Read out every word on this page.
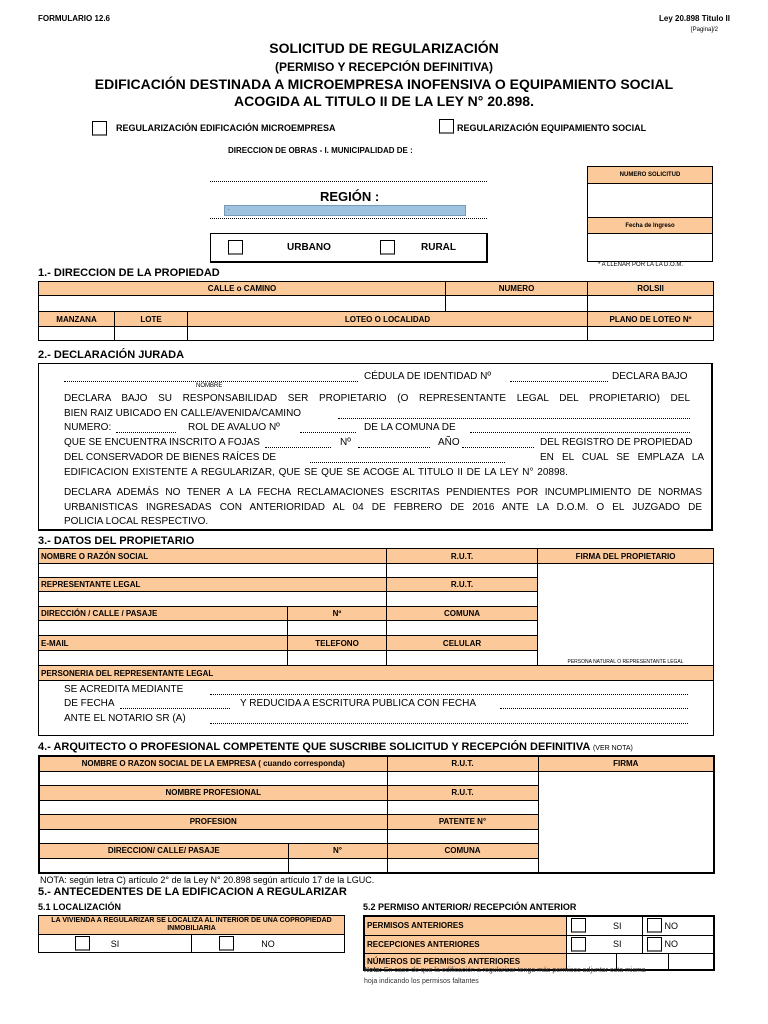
FORMULARIO 12.6	Ley 20.898 Titulo II
[Pagina]/2
SOLICITUD DE REGULARIZACIÓN
(PERMISO Y RECEPCIÓN DEFINITIVA)
EDIFICACIÓN DESTINADA A MICROEMPRESA INOFENSIVA O EQUIPAMIENTO SOCIAL
ACOGIDA AL TITULO II DE LA LEY N° 20.898.
REGULARIZACIÓN EDIFICACIÓN MICROEMPRESA	REGULARIZACIÓN EQUIPAMIENTO SOCIAL
DIRECCION DE OBRAS - I. MUNICIPALIDAD DE :
REGIÓN :
.
URBANO	RURAL
NUMERO SOLICITUD

Fecha de Ingreso

* A LLENAR POR LA LA D.O.M.
1.- DIRECCION DE LA PROPIEDAD
CALLE o CAMINO			NUMERO	ROLSII

MANZANA	LOTE	LOTEO O LOCALIDAD		PLANO DE LOTEO Nº

2.- DECLARACIÓN JURADA
NOMBRE
CÉDULA DE IDENTIDAD Nº	DECLARA BAJO
DECLARA BAJO SU RESPONSABILIDAD SER PROPIETARIO (O REPRESENTANTE LEGAL DEL PROPIETARIO) DEL
BIEN RAIZ UBICADO EN CALLE/AVENIDA/CAMINO
NUMERO:	ROL DE AVALUO Nº	DE LA COMUNA DE
QUE SE ENCUENTRA INSCRITO A FOJAS	Nº	AÑO	DEL REGISTRO DE PROPIEDAD
DEL CONSERVADOR DE BIENES RAÍCES DE	EN EL CUAL SE EMPLAZA LA
EDIFICACION EXISTENTE A REGULARIZAR, QUE SE QUE SE ACOGE AL TITULO II DE LA LEY N° 20898.
DECLARA ADEMÁS NO TENER A LA FECHA RECLAMACIONES ESCRITAS PENDIENTES POR INCUMPLIMIENTO DE NORMAS
URBANISTICAS INGRESADAS CON ANTERIORIDAD AL 04 DE FEBRERO DE 2016 ANTE LA D.O.M. O EL JUZGADO DE
POLICIA LOCAL RESPECTIVO.
3.- DATOS DEL PROPIETARIO
NOMBRE O RAZÓN SOCIAL		R.U.T.	FIRMA DEL PROPIETARIO
			PERSONA NATURAL O REPRESENTANTE LEGAL
REPRESENTANTE LEGAL		R.U.T.	

DIRECCIÓN / CALLE / PASAJE	Nº	COMUNA	

E-MAIL	TELEFONO	CELULAR	

PERSONERIA DEL REPRESENTANTE LEGAL			

SE ACREDITA MEDIANTE
DE FECHA	Y REDUCIDA A ESCRITURA PUBLICA CON FECHA
ANTE EL NOTARIO SR (A)
4.- ARQUITECTO O PROFESIONAL COMPETENTE QUE SUSCRIBE SOLICITUD Y RECEPCIÓN DEFINITIVA (VER NOTA)
NOMBRE O RAZON SOCIAL DE LA EMPRESA ( cuando corresponda)		R.U.T.	FIRMA

NOMBRE PROFESIONAL		R.U.T.	

PROFESION		PATENTE N°	

DIRECCION/ CALLE/ PASAJE	N°	COMUNA	

NOTA: según letra C) artículo 2° de la Ley N° 20.898 según artículo 17 de la LGUC.
5.- ANTECEDENTES DE LA EDIFICACION A REGULARIZAR
5.1 LOCALIZACIÓN	5.2 PERMISO ANTERIOR/ RECEPCIÓN ANTERIOR
LA VIVIENDA A REGULARIZAR SE LOCALIZA AL INTERIOR DE UNA COPROPIEDAD INMOBILIARIA

SI	NO
PERMISOS ANTERIORES	SI		NO	
RECEPCIONES ANTERIORES	SI		NO	
NÚMEROS DE PERMISOS ANTERIORES				
Nota: En caso de que la edificación a regularizar tenga más permisos adjuntar esta misma
hoja indicando los permisos faltantes
